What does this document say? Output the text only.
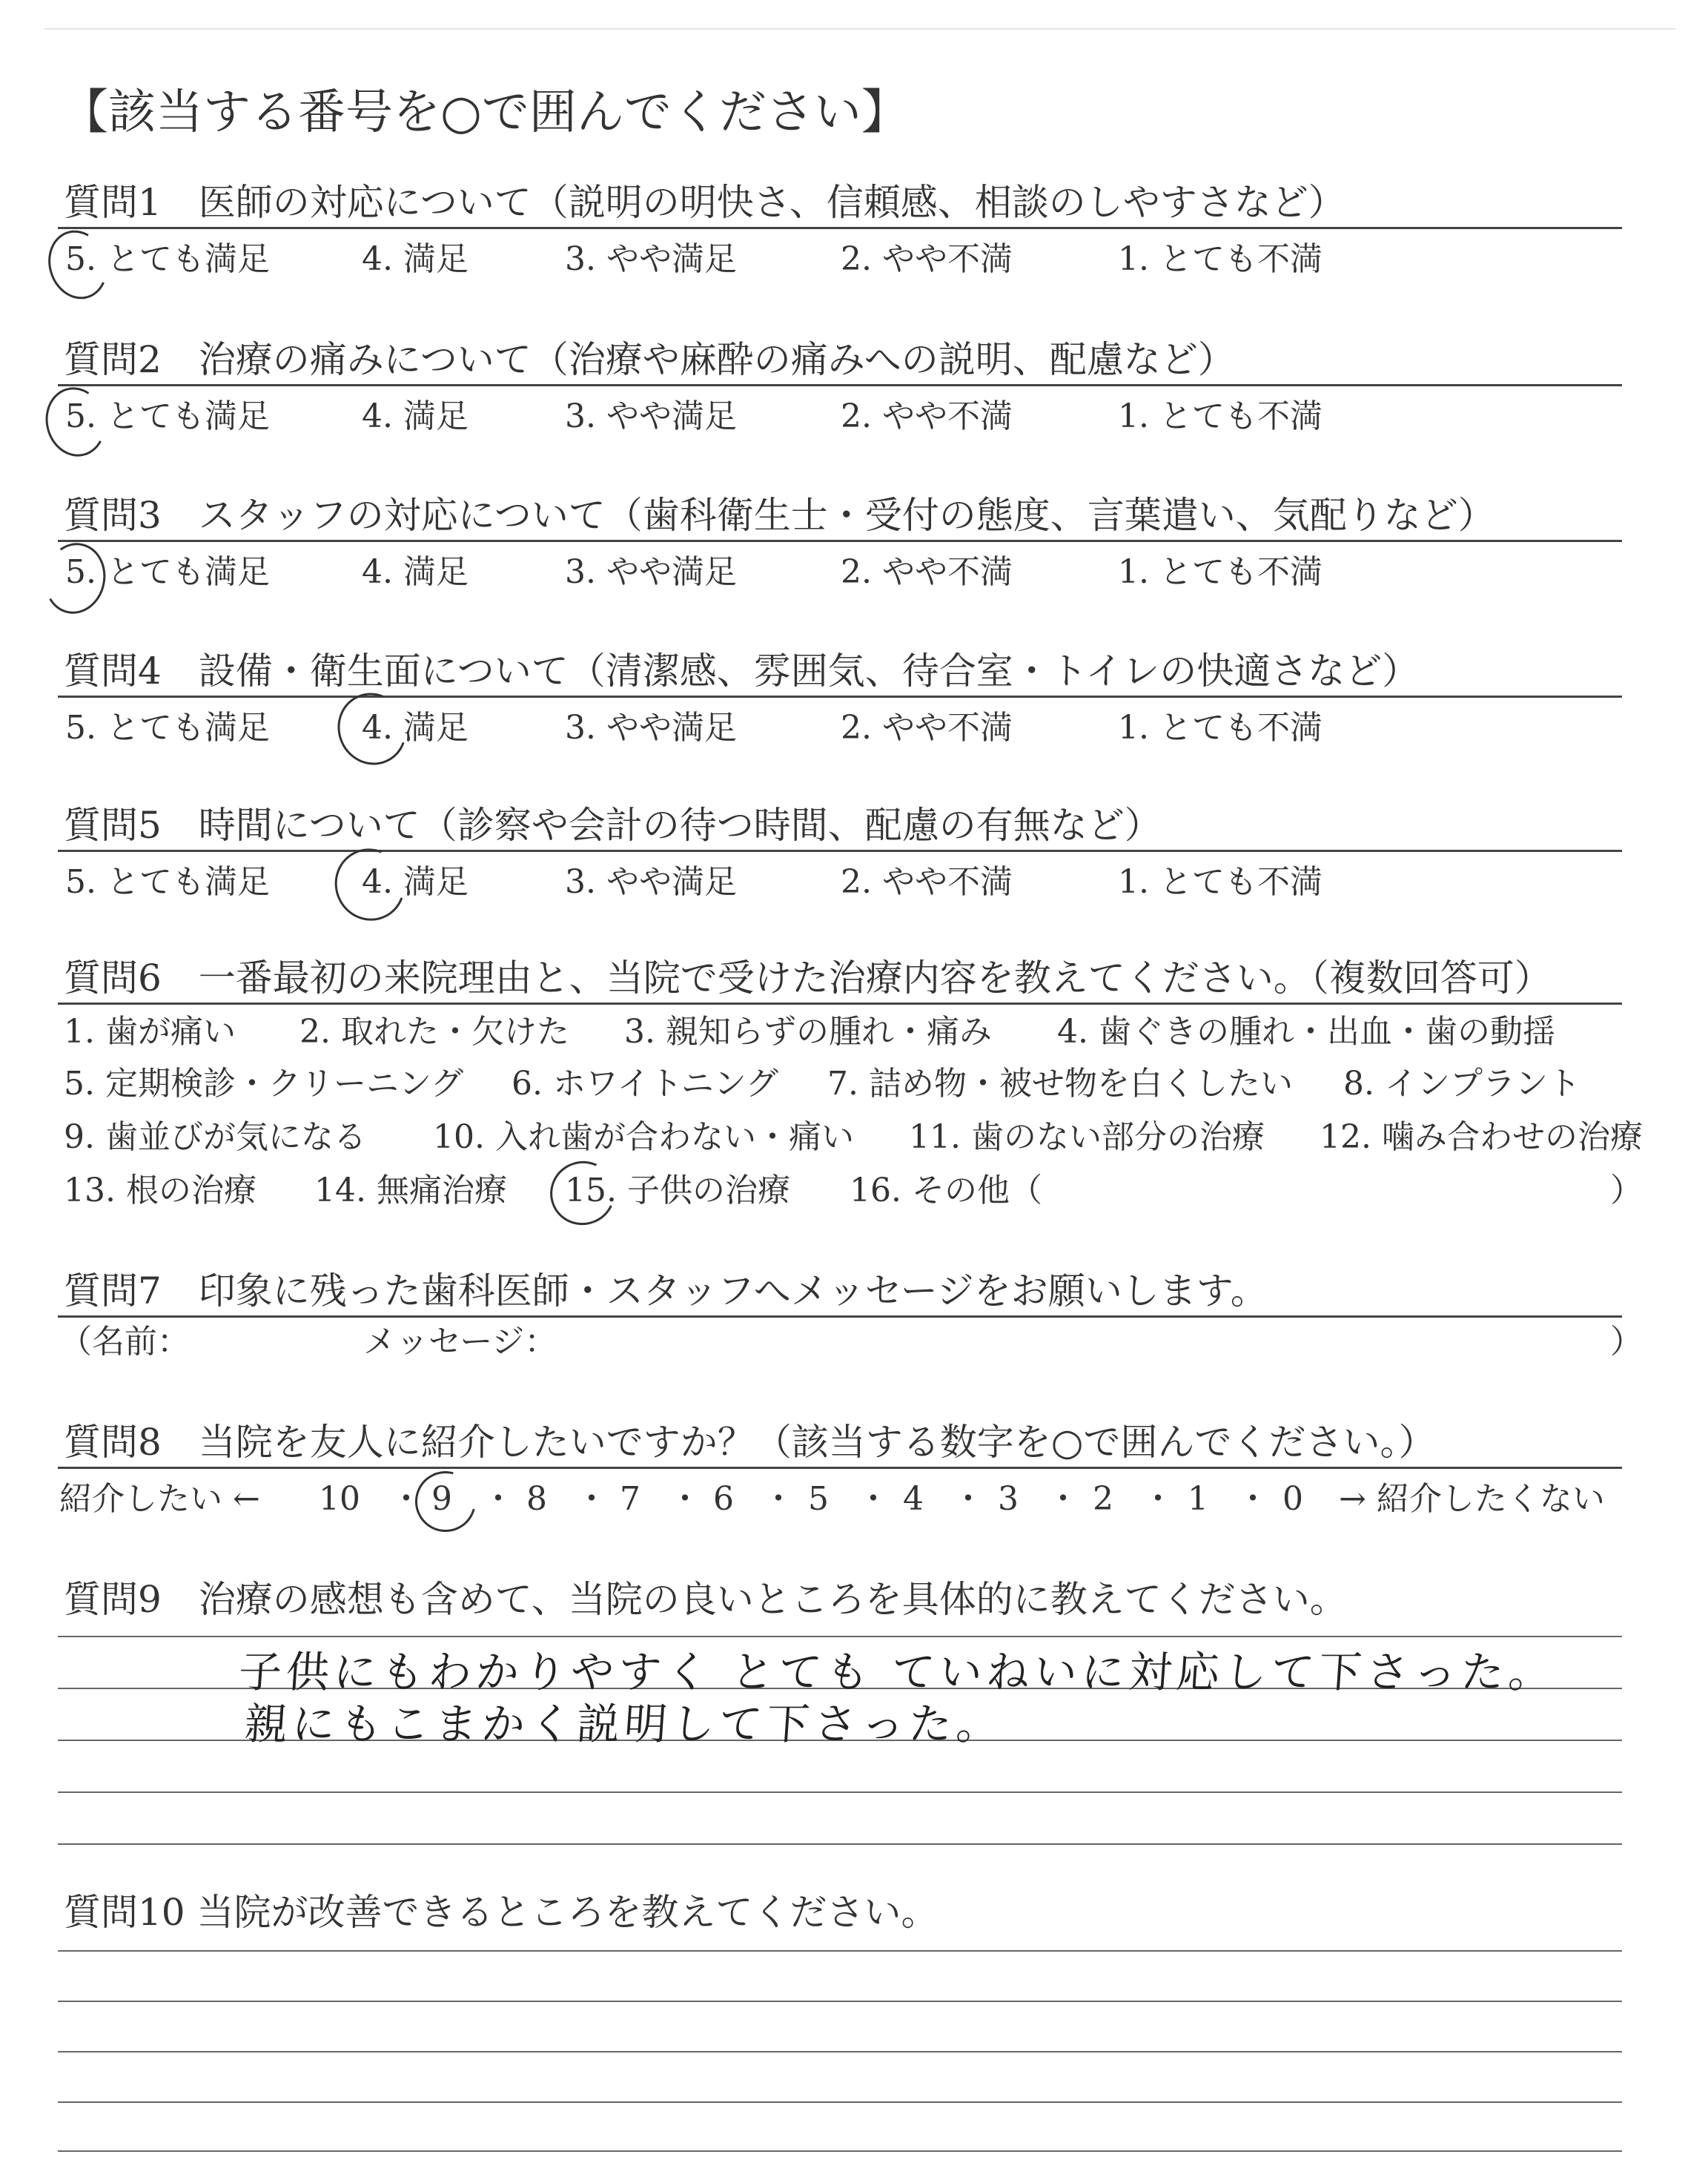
【該当する番号を○で囲んでください】
質問1　医師の対応について（説明の明快さ、信頼感、相談のしやすさなど）
5. とても満足	4. 満足	3. やや満足	2. やや不満	1. とても不満
質問2　治療の痛みについて（治療や麻酔の痛みへの説明、配慮など）
5. とても満足	4. 満足	3. やや満足	2. やや不満	1. とても不満
質問3　スタッフの対応について（歯科衛生士・受付の態度、言葉遣い、気配りなど）
5. とても満足	4. 満足	3. やや満足	2. やや不満	1. とても不満
質問4　設備・衛生面について（清潔感、雰囲気、待合室・トイレの快適さなど）
5. とても満足	4. 満足	3. やや満足	2. やや不満	1. とても不満
質問5　時間について（診察や会計の待つ時間、配慮の有無など）
5. とても満足	4. 満足	3. やや満足	2. やや不満	1. とても不満
質問6　一番最初の来院理由と、当院で受けた治療内容を教えてください。（複数回答可）
1. 歯が痛い 2. 取れた・欠けた 3. 親知らずの腫れ・痛み 4. 歯ぐきの腫れ・出血・歯の動揺
5. 定期検診・クリーニング 6. ホワイトニング 7. 詰め物・被せ物を白くしたい 8. インプラント
9. 歯並びが気になる 10. 入れ歯が合わない・痛い 11. 歯のない部分の治療 12. 噛み合わせの治療
13. 根の治療 14. 無痛治療 15. 子供の治療 16. その他（	）
質問7　印象に残った歯科医師・スタッフへメッセージをお願いします。
（名前：	メッセージ：	）
質問8　当院を友人に紹介したいですか？（該当する数字を○で囲んでください。）
紹介したい ← 10 ・ 9 ・ 8 ・ 7 ・ 6 ・ 5 ・ 4 ・ 3 ・ 2 ・ 1 ・ 0 → 紹介したくない
質問9　治療の感想も含めて、当院の良いところを具体的に教えてください。
子供にもわかりやすく とても ていねいに対応して下さった。
親にもこまかく説明して下さった。
質問10 当院が改善できるところを教えてください。
